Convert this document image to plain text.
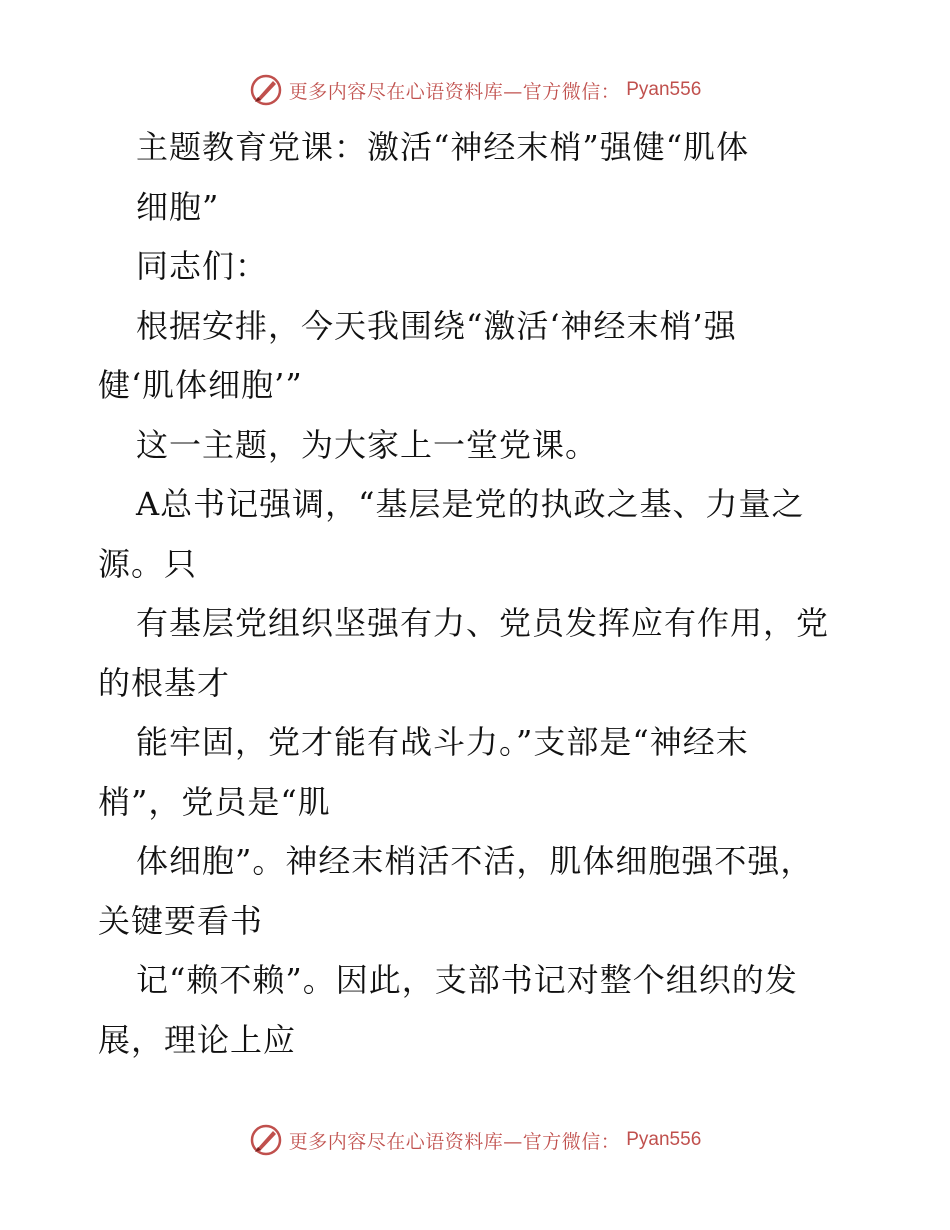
更多内容尽在心语资料库—官方微信： Pyan556
主题教育党课：激活“神经末梢”强健“肌体
细胞”
同志们：
根据安排，今天我围绕“激活‘神经末梢’强
健‘肌体细胞’”
这一主题，为大家上一堂党课。
A总书记强调，“基层是党的执政之基、力量之
源。只
有基层党组织坚强有力、党员发挥应有作用，党
的根基才
能牢固，党才能有战斗力。”支部是“神经末
梢”，党员是“肌
体细胞”。神经末梢活不活，肌体细胞强不强，
关键要看书
记“赖不赖”。因此，支部书记对整个组织的发
展，理论上应
更多内容尽在心语资料库—官方微信： Pyan556
